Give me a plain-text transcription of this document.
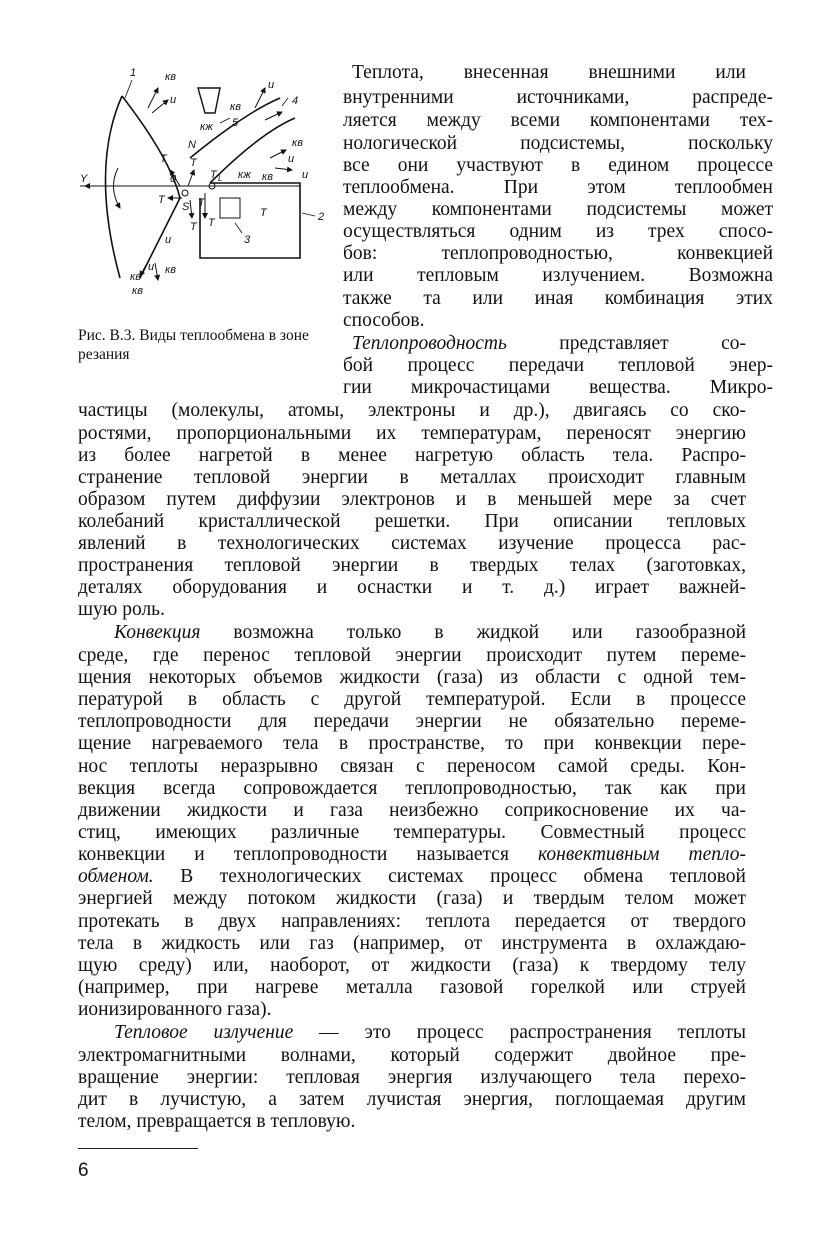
1	кв
и
кв
и
4
кж 5
N
T T
T L кж кв
и
кв
и
Y	0
S
T	T
T
T	2
T
3
и
кв
и
кв
кв
Рис. В.3. Виды теплообмена в зоне резания
Теплота, внесенная внешними или
внутренними источниками, распреде-
ляется между всеми компонентами тех-
нологической подсистемы, поскольку
все они участвуют в едином процессе
теплообмена. При этом теплообмен
между компонентами подсистемы может
осуществляться одним из трех спосо-
бов: теплопроводностью, конвекцией
или тепловым излучением. Возможна
также та или иная комбинация этих
способов.
Теплопроводность	представляет со-
бой процесс передачи тепловой энер-
гии микрочастицами вещества. Микро-
частицы (молекулы, атомы, электроны и др.), двигаясь со ско-
ростями, пропорциональными их температурам, переносят энергию
из более нагретой в менее нагретую область тела. Распро-
странение тепловой энергии в металлах происходит главным
образом путем диффузии электронов и в меньшей мере за счет
колебаний кристаллической решетки. При описании тепловых
явлений в технологических системах изучение процесса рас-
пространения тепловой энергии в твердых телах (заготовках,
деталях оборудования и оснастки и т. д.) играет важней-
шую роль.
Конвекция возможна только в жидкой или газообразной
среде, где перенос тепловой энергии происходит путем переме-
щения некоторых объемов жидкости (газа) из области с одной тем-
пературой в область с другой температурой. Если в процессе
теплопроводности для передачи энергии не обязательно переме-
щение нагреваемого тела в пространстве, то при конвекции пере-
нос теплоты неразрывно связан с переносом самой среды. Кон-
векция всегда сопровождается теплопроводностью, так как при
движении жидкости и газа неизбежно соприкосновение их ча-
стиц, имеющих различные температуры. Совместный процесс
конвекции и теплопроводности называется конвективным тепло-
обменом. В технологических системах процесс обмена тепловой
энергией между потоком жидкости (газа) и твердым телом может
протекать в двух направлениях: теплота передается от твердого
тела в жидкость или газ (например, от инструмента в охлаждаю-
щую среду) или, наоборот, от жидкости (газа) к твердому телу
(например, при нагреве металла газовой горелкой или струей
ионизированного газа).
Тепловое излучение — это процесс распространения теплоты
электромагнитными волнами, который содержит двойное пре-
вращение энергии: тепловая энергия излучающего тела перехо-
дит в лучистую, а затем лучистая энергия, поглощаемая другим
телом, превращается в тепловую.
6
